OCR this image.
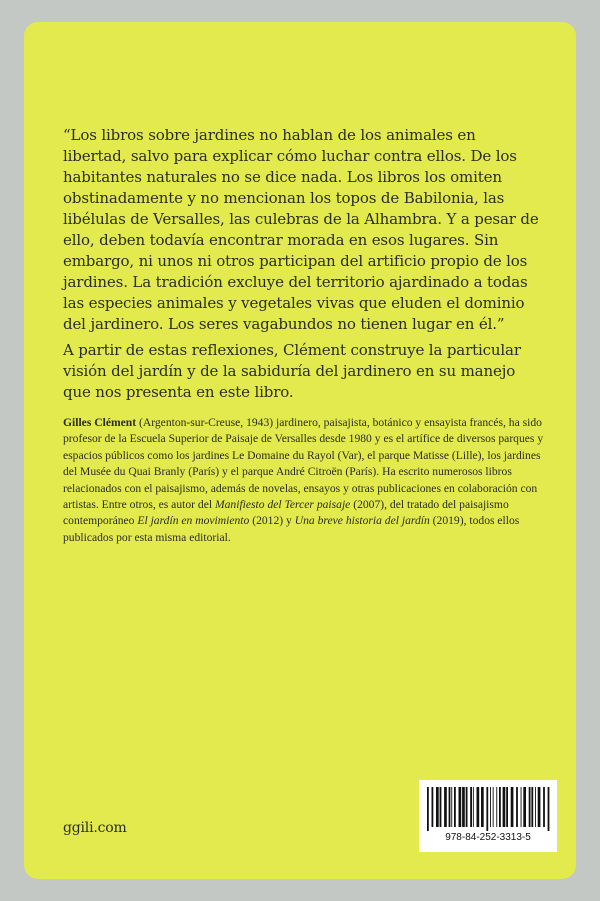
“Los libros sobre jardines no hablan de los animales en libertad, salvo para explicar cómo luchar contra ellos. De los habitantes naturales no se dice nada. Los libros los omiten obstinadamente y no mencionan los topos de Babilonia, las libélulas de Versalles, las culebras de la Alhambra. Y a pesar de ello, deben todavía encontrar morada en esos lugares. Sin embargo, ni unos ni otros participan del artificio propio de los jardines. La tradición excluye del territorio ajardinado a todas las especies animales y vegetales vivas que eluden el dominio del jardinero. Los seres vagabundos no tienen lugar en él.”

A partir de estas reflexiones, Clément construye la particular visión del jardín y de la sabiduría del jardinero en su manejo que nos presenta en este libro.

Gilles Clément (Argenton-sur-Creuse, 1943) jardinero, paisajista, botánico y ensayista francés, ha sido profesor de la Escuela Superior de Paisaje de Versalles desde 1980 y es el artífice de diversos parques y espacios públicos como los jardines Le Domaine du Rayol (Var), el parque Matisse (Lille), los jardines del Musée du Quai Branly (París) y el parque André Citroën (París). Ha escrito numerosos libros relacionados con el paisajismo, además de novelas, ensayos y otras publicaciones en colaboración con artistas. Entre otros, es autor del Manifiesto del Tercer paisaje (2007), del tratado del paisajismo contemporáneo El jardín en movimiento (2012) y Una breve historia del jardín (2019), todos ellos publicados por esta misma editorial.

ggili.com

978-84-252-3313-5
